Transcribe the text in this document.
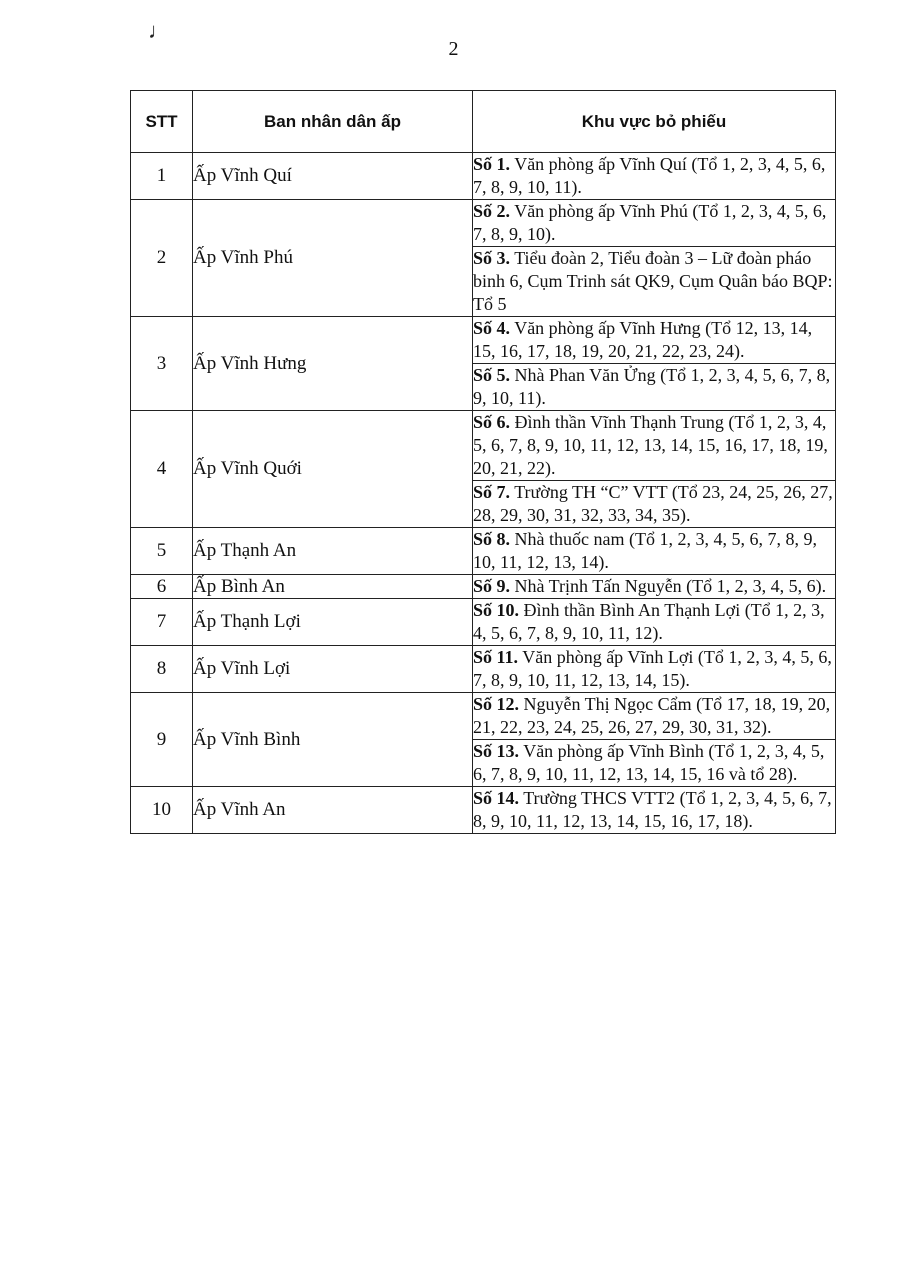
♩
2
STT	Ban nhân dân ấp	Khu vực bỏ phiếu
1	Ấp Vĩnh Quí	Số 1. Văn phòng ấp Vĩnh Quí (Tổ 1, 2, 3, 4, 5, 6, 7, 8, 9, 10, 11).
2	Ấp Vĩnh Phú	Số 2. Văn phòng ấp Vĩnh Phú (Tổ 1, 2, 3, 4, 5, 6, 7, 8, 9, 10).
		Số 3. Tiểu đoàn 2, Tiểu đoàn 3 – Lữ đoàn pháo binh 6, Cụm Trinh sát QK9, Cụm Quân báo BQP: Tổ 5
3	Ấp Vĩnh Hưng	Số 4. Văn phòng ấp Vĩnh Hưng (Tổ 12, 13, 14, 15, 16, 17, 18, 19, 20, 21, 22, 23, 24).
		Số 5. Nhà Phan Văn Ửng (Tổ 1, 2, 3, 4, 5, 6, 7, 8, 9, 10, 11).
4	Ấp Vĩnh Quới	Số 6. Đình thần Vĩnh Thạnh Trung (Tổ 1, 2, 3, 4, 5, 6, 7, 8, 9, 10, 11, 12, 13, 14, 15, 16, 17, 18, 19, 20, 21, 22).
		Số 7. Trường TH “C” VTT (Tổ 23, 24, 25, 26, 27, 28, 29, 30, 31, 32, 33, 34, 35).
5	Ấp Thạnh An	Số 8. Nhà thuốc nam (Tổ 1, 2, 3, 4, 5, 6, 7, 8, 9, 10, 11, 12, 13, 14).
6	Ấp Bình An	Số 9. Nhà Trịnh Tấn Nguyễn (Tổ 1, 2, 3, 4, 5, 6).
7	Ấp Thạnh Lợi	Số 10. Đình thần Bình An Thạnh Lợi (Tổ 1, 2, 3, 4, 5, 6, 7, 8, 9, 10, 11, 12).
8	Ấp Vĩnh Lợi	Số 11. Văn phòng ấp Vĩnh Lợi (Tổ 1, 2, 3, 4, 5, 6, 7, 8, 9, 10, 11, 12, 13, 14, 15).
9	Ấp Vĩnh Bình	Số 12. Nguyễn Thị Ngọc Cẩm (Tổ 17, 18, 19, 20, 21, 22, 23, 24, 25, 26, 27, 29, 30, 31, 32).
		Số 13. Văn phòng ấp Vĩnh Bình (Tổ 1, 2, 3, 4, 5, 6, 7, 8, 9, 10, 11, 12, 13, 14, 15, 16 và tổ 28).
10	Ấp Vĩnh An	Số 14. Trường THCS VTT2 (Tổ 1, 2, 3, 4, 5, 6, 7, 8, 9, 10, 11, 12, 13, 14, 15, 16, 17, 18).
